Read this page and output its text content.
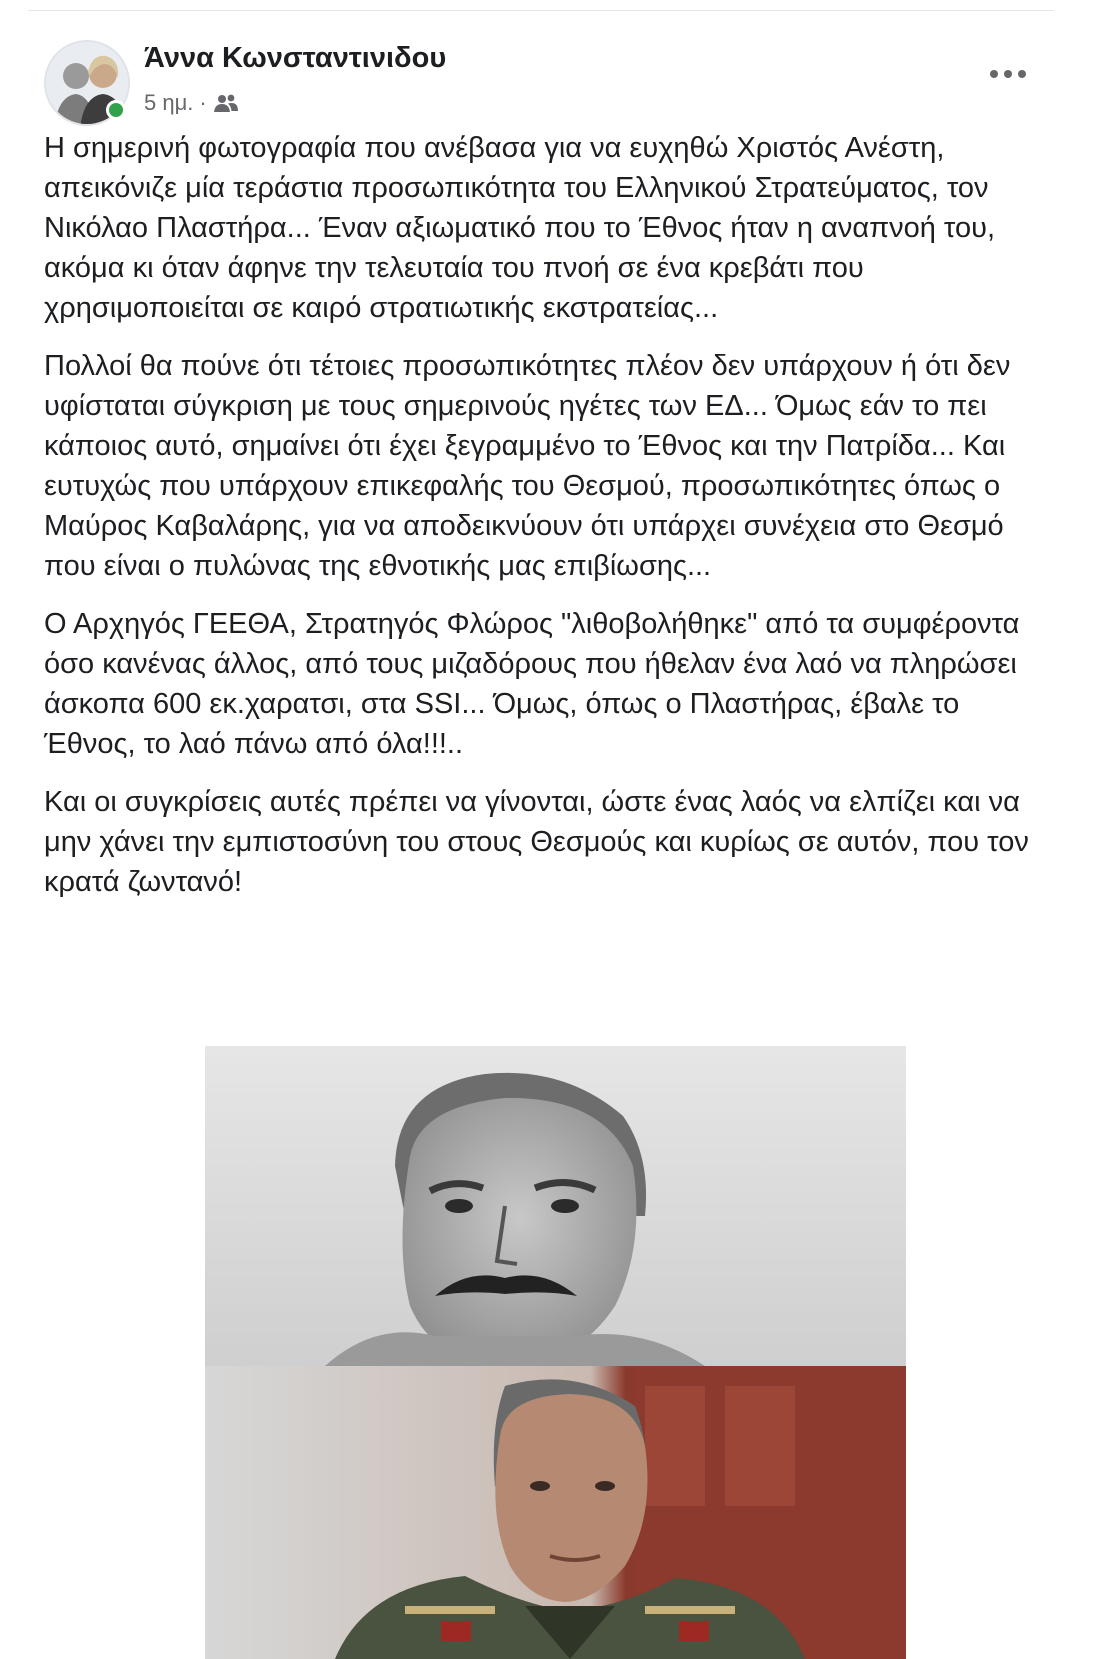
Άννα Κωνσταντινιδου
5 ημ. ·

Η σημερινή φωτογραφία που ανέβασα για να ευχηθώ Χριστός Ανέστη, απεικόνιζε μία τεράστια προσωπικότητα του Ελληνικού Στρατεύματος, τον Νικόλαο Πλαστήρα... Έναν αξιωματικό που το Έθνος ήταν η αναπνοή του, ακόμα κι όταν άφηνε την τελευταία του πνοή σε ένα κρεβάτι που χρησιμοποιείται σε καιρό στρατιωτικής εκστρατείας...

Πολλοί θα πούνε ότι τέτοιες προσωπικότητες πλέον δεν υπάρχουν ή ότι δεν υφίσταται σύγκριση με τους σημερινούς ηγέτες των ΕΔ... Όμως εάν το πει κάποιος αυτό, σημαίνει ότι έχει ξεγραμμένο το Έθνος και την Πατρίδα... Και ευτυχώς που υπάρχουν επικεφαλής του Θεσμού, προσωπικότητες όπως ο Μαύρος Καβαλάρης, για να αποδεικνύουν ότι υπάρχει συνέχεια στο Θεσμό που είναι ο πυλώνας της εθνοτικής μας επιβίωσης...

Ο Αρχηγός ΓΕΕΘΑ, Στρατηγός Φλώρος "λιθοβολήθηκε" από τα συμφέροντα όσο κανένας άλλος, από τους μιζαδόρους που ήθελαν ένα λαό να πληρώσει άσκοπα 600 εκ.χαρατσι, στα SSI... Όμως, όπως ο Πλαστήρας, έβαλε το Έθνος, το λαό πάνω από όλα!!!..

Και οι συγκρίσεις αυτές πρέπει να γίνονται, ώστε ένας λαός να ελπίζει και να μην χάνει την εμπιστοσύνη του στους Θεσμούς και κυρίως σε αυτόν, που τον κρατά ζωντανό!
